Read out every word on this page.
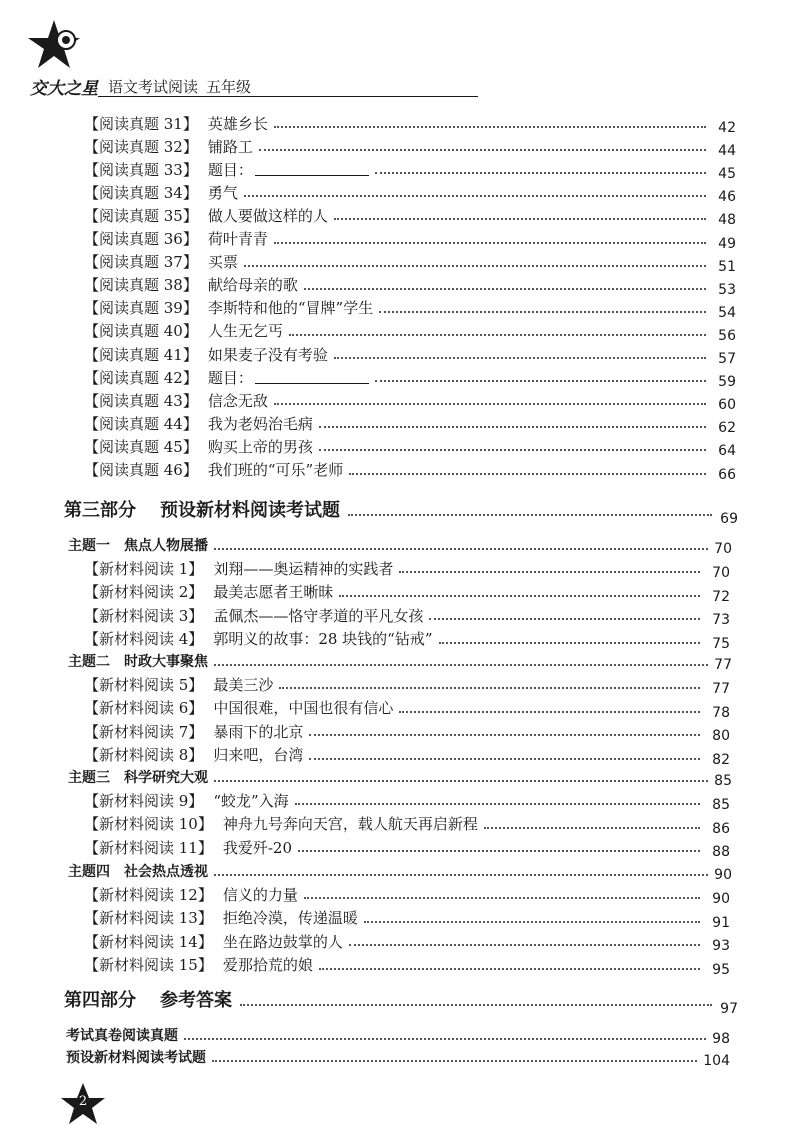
交大之星 语文考试阅读 五年级
【阅读真题 31】 英雄乡长	42
【阅读真题 32】 铺路工	44
【阅读真题 33】 题目：	45
【阅读真题 34】 勇气	46
【阅读真题 35】 做人要做这样的人	48
【阅读真题 36】 荷叶青青	49
【阅读真题 37】 买票	51
【阅读真题 38】 献给母亲的歌	53
【阅读真题 39】 李斯特和他的“冒牌”学生	54
【阅读真题 40】 人生无乞丐	56
【阅读真题 41】 如果麦子没有考验	57
【阅读真题 42】 题目：	59
【阅读真题 43】 信念无敌	60
【阅读真题 44】 我为老妈治毛病	62
【阅读真题 45】 购买上帝的男孩	64
【阅读真题 46】 我们班的“可乐”老师	66
第三部分 预设新材料阅读考试题	69
主题一 焦点人物展播	70
【新材料阅读 1】 刘翔——奥运精神的实践者	70
【新材料阅读 2】 最美志愿者王晰昧	72
【新材料阅读 3】 孟佩杰——恪守孝道的平凡女孩	73
【新材料阅读 4】 郭明义的故事：28 块钱的“钻戒”	75
主题二 时政大事聚焦	77
【新材料阅读 5】 最美三沙	77
【新材料阅读 6】 中国很难，中国也很有信心	78
【新材料阅读 7】 暴雨下的北京	80
【新材料阅读 8】 归来吧，台湾	82
主题三 科学研究大观	85
【新材料阅读 9】 “蛟龙”入海	85
【新材料阅读 10】 神舟九号奔向天宫，载人航天再启新程	86
【新材料阅读 11】 我爱歼-20	88
主题四 社会热点透视	90
【新材料阅读 12】 信义的力量	90
【新材料阅读 13】 拒绝冷漠，传递温暖	91
【新材料阅读 14】 坐在路边鼓掌的人	93
【新材料阅读 15】 爱那拾荒的娘	95
第四部分 参考答案	97
考试真卷阅读真题	98
预设新材料阅读考试题	104
2
